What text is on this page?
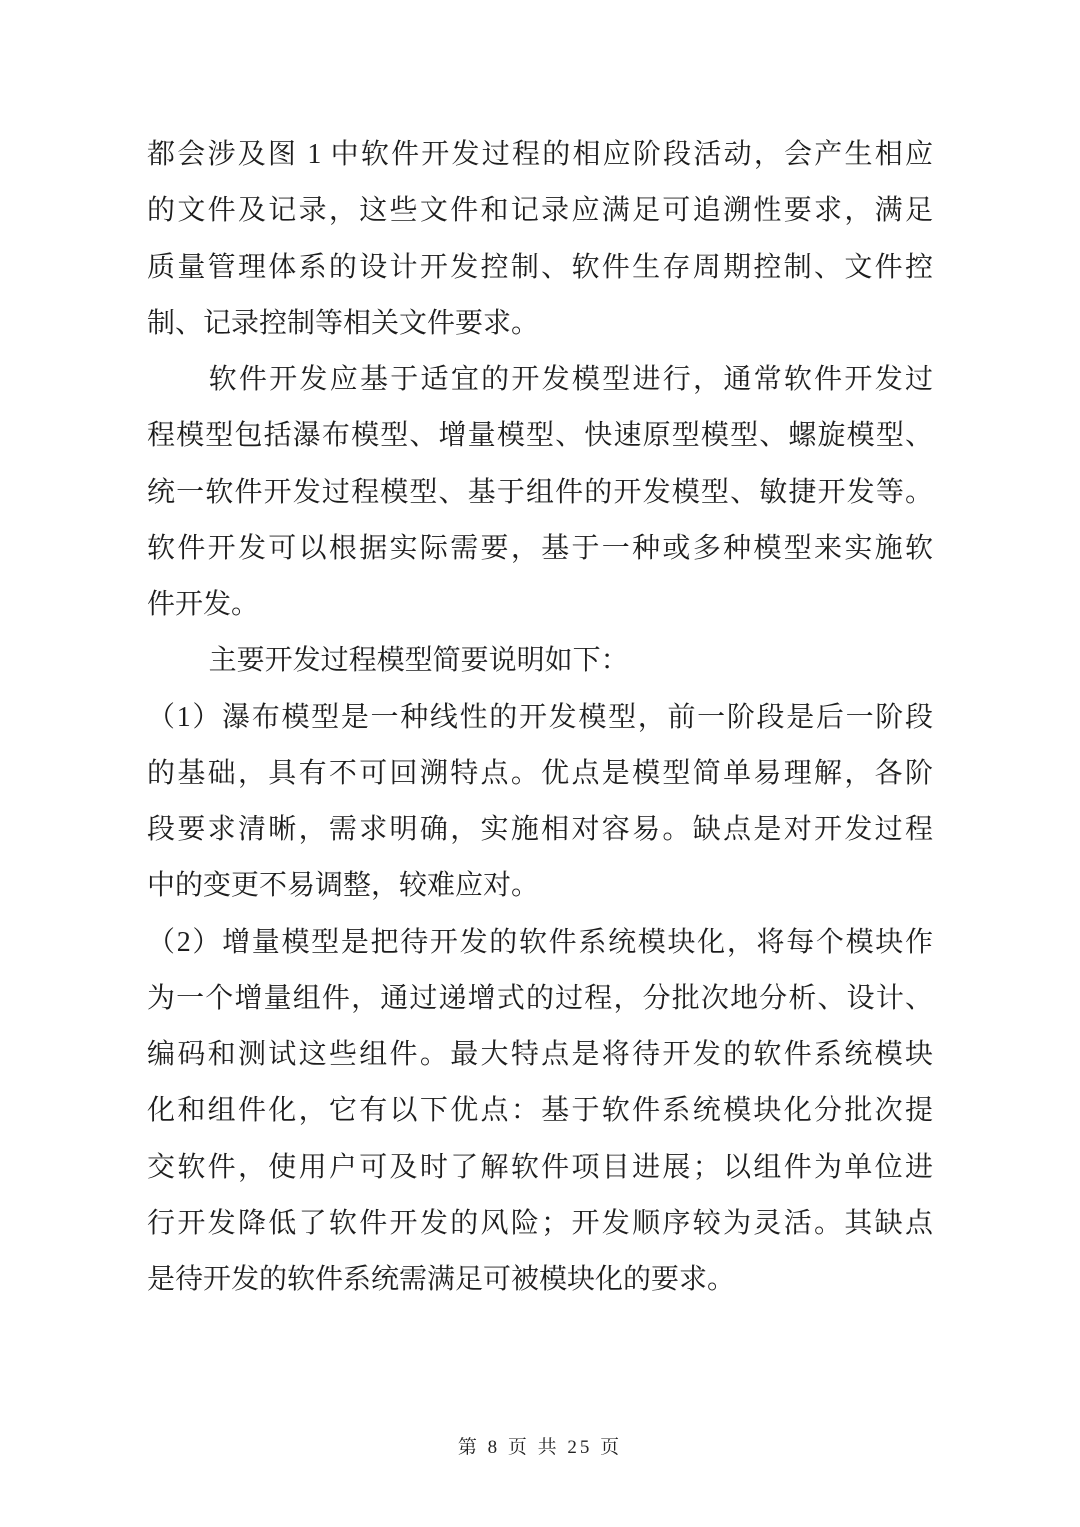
都会涉及图 1 中软件开发过程的相应阶段活动，会产生相应
的文件及记录，这些文件和记录应满足可追溯性要求，满足
质量管理体系的设计开发控制、软件生存周期控制、文件控
制、记录控制等相关文件要求。
软件开发应基于适宜的开发模型进行，通常软件开发过
程模型包括瀑布模型、增量模型、快速原型模型、螺旋模型、
统一软件开发过程模型、基于组件的开发模型、敏捷开发等。
软件开发可以根据实际需要，基于一种或多种模型来实施软
件开发。
主要开发过程模型简要说明如下：
（1）瀑布模型是一种线性的开发模型，前一阶段是后一阶段
的基础，具有不可回溯特点。优点是模型简单易理解，各阶
段要求清晰，需求明确，实施相对容易。缺点是对开发过程
中的变更不易调整，较难应对。
（2）增量模型是把待开发的软件系统模块化，将每个模块作
为一个增量组件，通过递增式的过程，分批次地分析、设计、
编码和测试这些组件。最大特点是将待开发的软件系统模块
化和组件化，它有以下优点：基于软件系统模块化分批次提
交软件，使用户可及时了解软件项目进展；以组件为单位进
行开发降低了软件开发的风险；开发顺序较为灵活。其缺点
是待开发的软件系统需满足可被模块化的要求。
第 8 页 共 25 页
